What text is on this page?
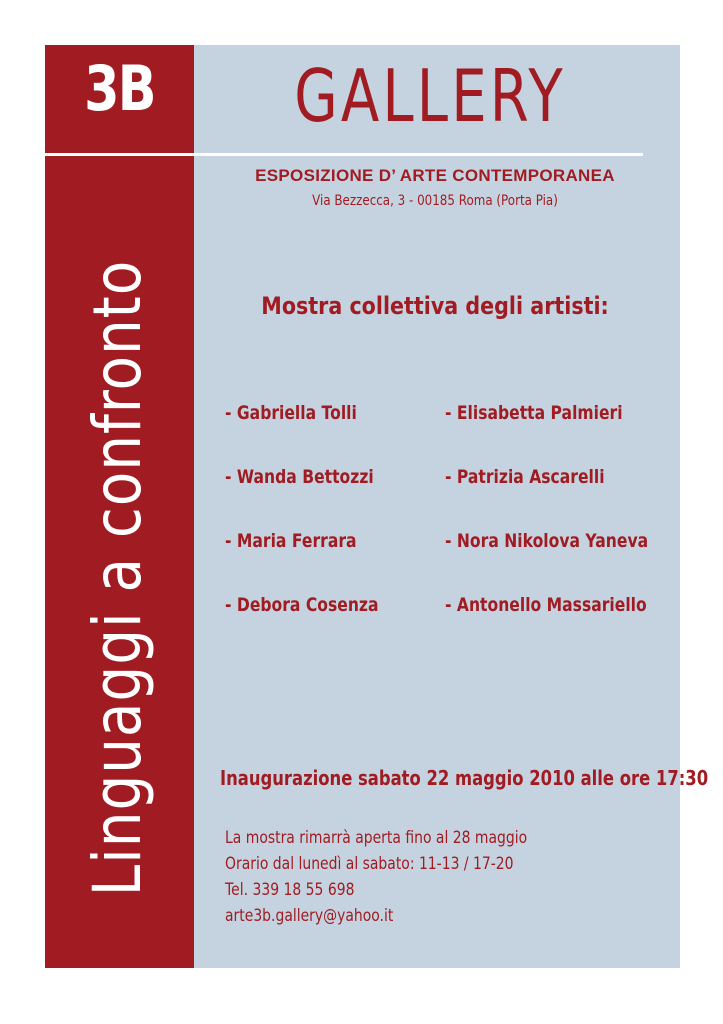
3B	GALLERY
Linguaggi a confronto
ESPOSIZIONE D’ ARTE CONTEMPORANEA
Via Bezzecca, 3 - 00185 Roma (Porta Pia)
Mostra collettiva degli artisti:
- Gabriella Tolli
- Wanda Bettozzi
- Maria Ferrara
- Debora Cosenza
- Elisabetta Palmieri
- Patrizia Ascarelli
- Nora Nikolova Yaneva
- Antonello Massariello
Inaugurazione sabato 22 maggio 2010 alle ore 17:30
La mostra rimarrà aperta fino al 28 maggio
Orario dal lunedì al sabato: 11-13 / 17-20
Tel. 339 18 55 698
arte3b.gallery@yahoo.it
